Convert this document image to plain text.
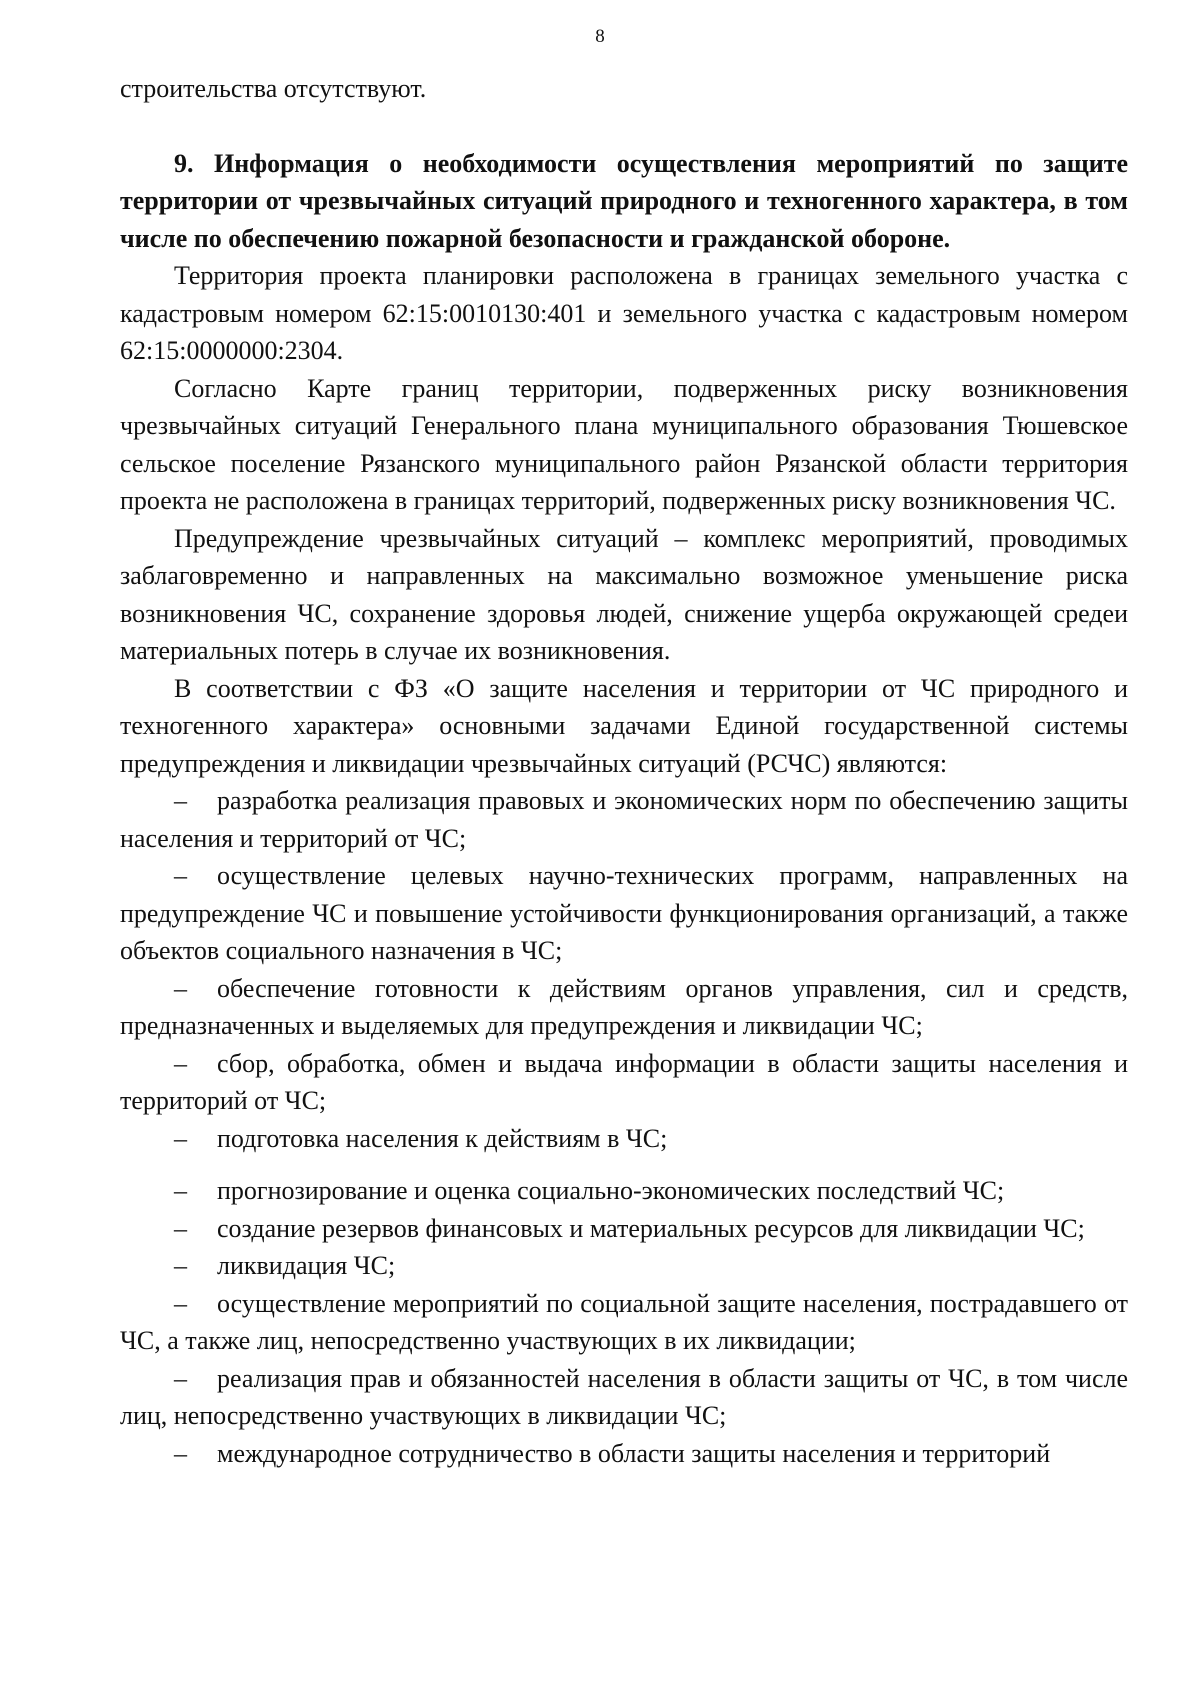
8

строительства отсутствуют.

9. Информация о необходимости осуществления мероприятий по защите территории от чрезвычайных ситуаций природного и техногенного характера, в том числе по обеспечению пожарной безопасности и гражданской обороне.

Территория проекта планировки расположена в границах земельного участка с кадастровым номером 62:15:0010130:401 и земельного участка с кадастровым номером 62:15:0000000:2304.

Согласно Карте границ территории, подверженных риску возникновения чрезвычайных ситуаций Генерального плана муниципального образования Тюшевское сельское поселение Рязанского муниципального район Рязанской области территория проекта не расположена в границах территорий, подверженных риску возникновения ЧС.

Предупреждение чрезвычайных ситуаций – комплекс мероприятий, проводимых заблаговременно и направленных на максимально возможное уменьшение риска возникновения ЧС, сохранение здоровья людей, снижение ущерба окружающей средеи материальных потерь в случае их возникновения.

В соответствии с ФЗ «О защите населения и территории от ЧС природного и техногенного характера» основными задачами Единой государственной системы предупреждения и ликвидации чрезвычайных ситуаций (РСЧС) являются:

– разработка реализация правовых и экономических норм по обеспечению защиты населения и территорий от ЧС;

– осуществление целевых научно-технических программ, направленных на предупреждение ЧС и повышение устойчивости функционирования организаций, а также объектов социального назначения в ЧС;

– обеспечение готовности к действиям органов управления, сил и средств, предназначенных и выделяемых для предупреждения и ликвидации ЧС;

– сбор, обработка, обмен и выдача информации в области защиты населения и территорий от ЧС;

– подготовка населения к действиям в ЧС;

– прогнозирование и оценка социально-экономических последствий ЧС;

– создание резервов финансовых и материальных ресурсов для ликвидации ЧС;

– ликвидация ЧС;

– осуществление мероприятий по социальной защите населения, пострадавшего от ЧС, а также лиц, непосредственно участвующих в их ликвидации;

– реализация прав и обязанностей населения в области защиты от ЧС, в том числе лиц, непосредственно участвующих в ликвидации ЧС;

– международное сотрудничество в области защиты населения и территорий
